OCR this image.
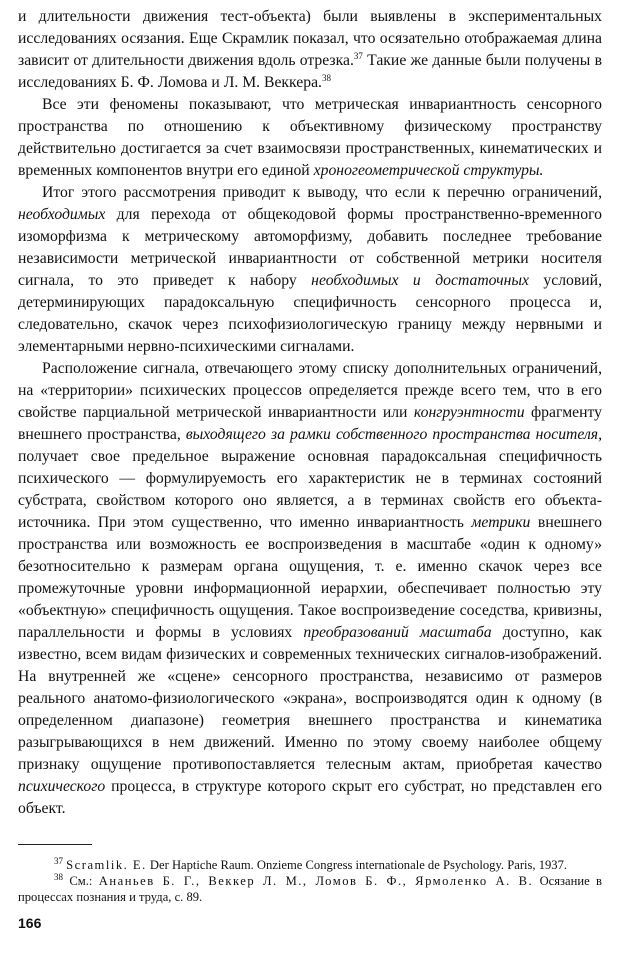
и длительности движения тест-объекта) были выявлены в экспериментальных исследованиях осязания. Еще Скрамлик показал, что осязательно отображаемая длина зависит от длительности движения вдоль отрезка.$^{37}$ Такие же данные были получены в исследованиях Б. Ф. Ломова и Л. М. Веккера.$^{38}$

Все эти феномены показывают, что метрическая инвариантность сенсорного пространства по отношению к объективному физическому пространству действительно достигается за счет взаимосвязи пространственных, кинематических и временных компонентов внутри его единой хроногеометрической структуры.

Итог этого рассмотрения приводит к выводу, что если к перечню ограничений, необходимых для перехода от общекодовой формы пространственно-временного изоморфизма к метрическому автоморфизму, добавить последнее требование независимости метрической инвариантности от собственной метрики носителя сигнала, то это приведет к набору необходимых и достаточных условий, детерминирующих парадоксальную специфичность сенсорного процесса и, следовательно, скачок через психофизиологическую границу между нервными и элементарными нервно-психическими сигналами.

Расположение сигнала, отвечающего этому списку дополнительных ограничений, на «территории» психических процессов определяется прежде всего тем, что в его свойстве парциальной метрической инвариантности или конгруэнтности фрагменту внешнего пространства, выходящего за рамки собственного пространства носителя, получает свое предельное выражение основная парадоксальная специфичность психического — формулируемость его характеристик не в терминах состояний субстрата, свойством которого оно является, а в терминах свойств его объекта-источника. При этом существенно, что именно инвариантность метрики внешнего пространства или возможность ее воспроизведения в масштабе «один к одному» безотносительно к размерам органа ощущения, т. е. именно скачок через все промежуточные уровни информационной иерархии, обеспечивает полностью эту «объектную» специфичность ощущения. Такое воспроизведение соседства, кривизны, параллельности и формы в условиях преобразований масштаба доступно, как известно, всем видам физических и современных технических сигналов-изображений. На внутренней же «сцене» сенсорного пространства, независимо от размеров реального анатомо-физиологического «экрана», воспроизводятся один к одному (в определенном диапазоне) геометрия внешнего пространства и кинематика разыгрывающихся в нем движений. Именно по этому своему наиболее общему признаку ощущение противопоставляется телесным актам, приобретая качество психического процесса, в структуре которого скрыт его субстрат, но представлен его объект.

$^{37}$ Scramlik. E. Der Haptiche Raum. Onzieme Congress internationale de Psychology. Paris, 1937.

$^{38}$ См.: Ананьев Б. Г., Веккер Л. М., Ломов Б. Ф., Ярмоленко А. В. Осязание в процессах познания и труда, с. 89.

166
